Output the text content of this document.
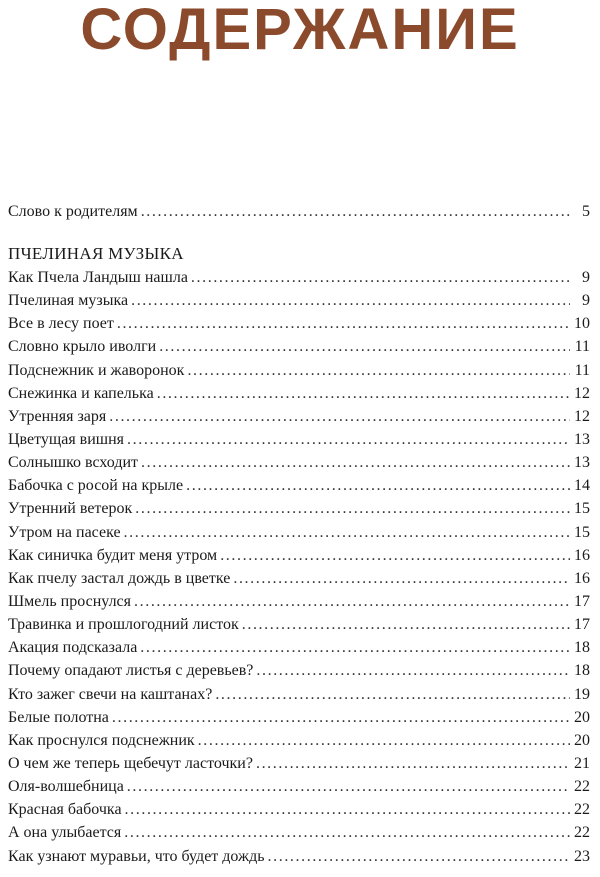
СОДЕРЖАНИЕ
Слово к родителям . . .	5
ПЧЕЛИНАЯ МУЗЫКА
Как Пчела Ландыш нашла . . .	9
Пчелиная музыка . . .	9
Все в лесу поет . . .	10
Словно крыло иволги . . .	11
Подснежник и жаворонок . . .	11
Снежинка и капелька . . .	12
Утренняя заря . . .	12
Цветущая вишня . . .	13
Солнышко всходит . . .	13
Бабочка с росой на крыле . . .	14
Утренний ветерок . . .	15
Утром на пасеке . . .	15
Как синичка будит меня утром . . .	16
Как пчелу застал дождь в цветке . . .	16
Шмель проснулся . . .	17
Травинка и прошлогодний листок . . .	17
Акация подсказала . . .	18
Почему опадают листья с деревьев? . . .	18
Кто зажег свечи на каштанах? . . .	19
Белые полотна . . .	20
Как проснулся подснежник . . .	20
О чем же теперь щебечут ласточки? . . .	21
Оля-волшебница . . .	22
Красная бабочка . . .	22
А она улыбается . . .	22
Как узнают муравьи, что будет дождь . . .	23
